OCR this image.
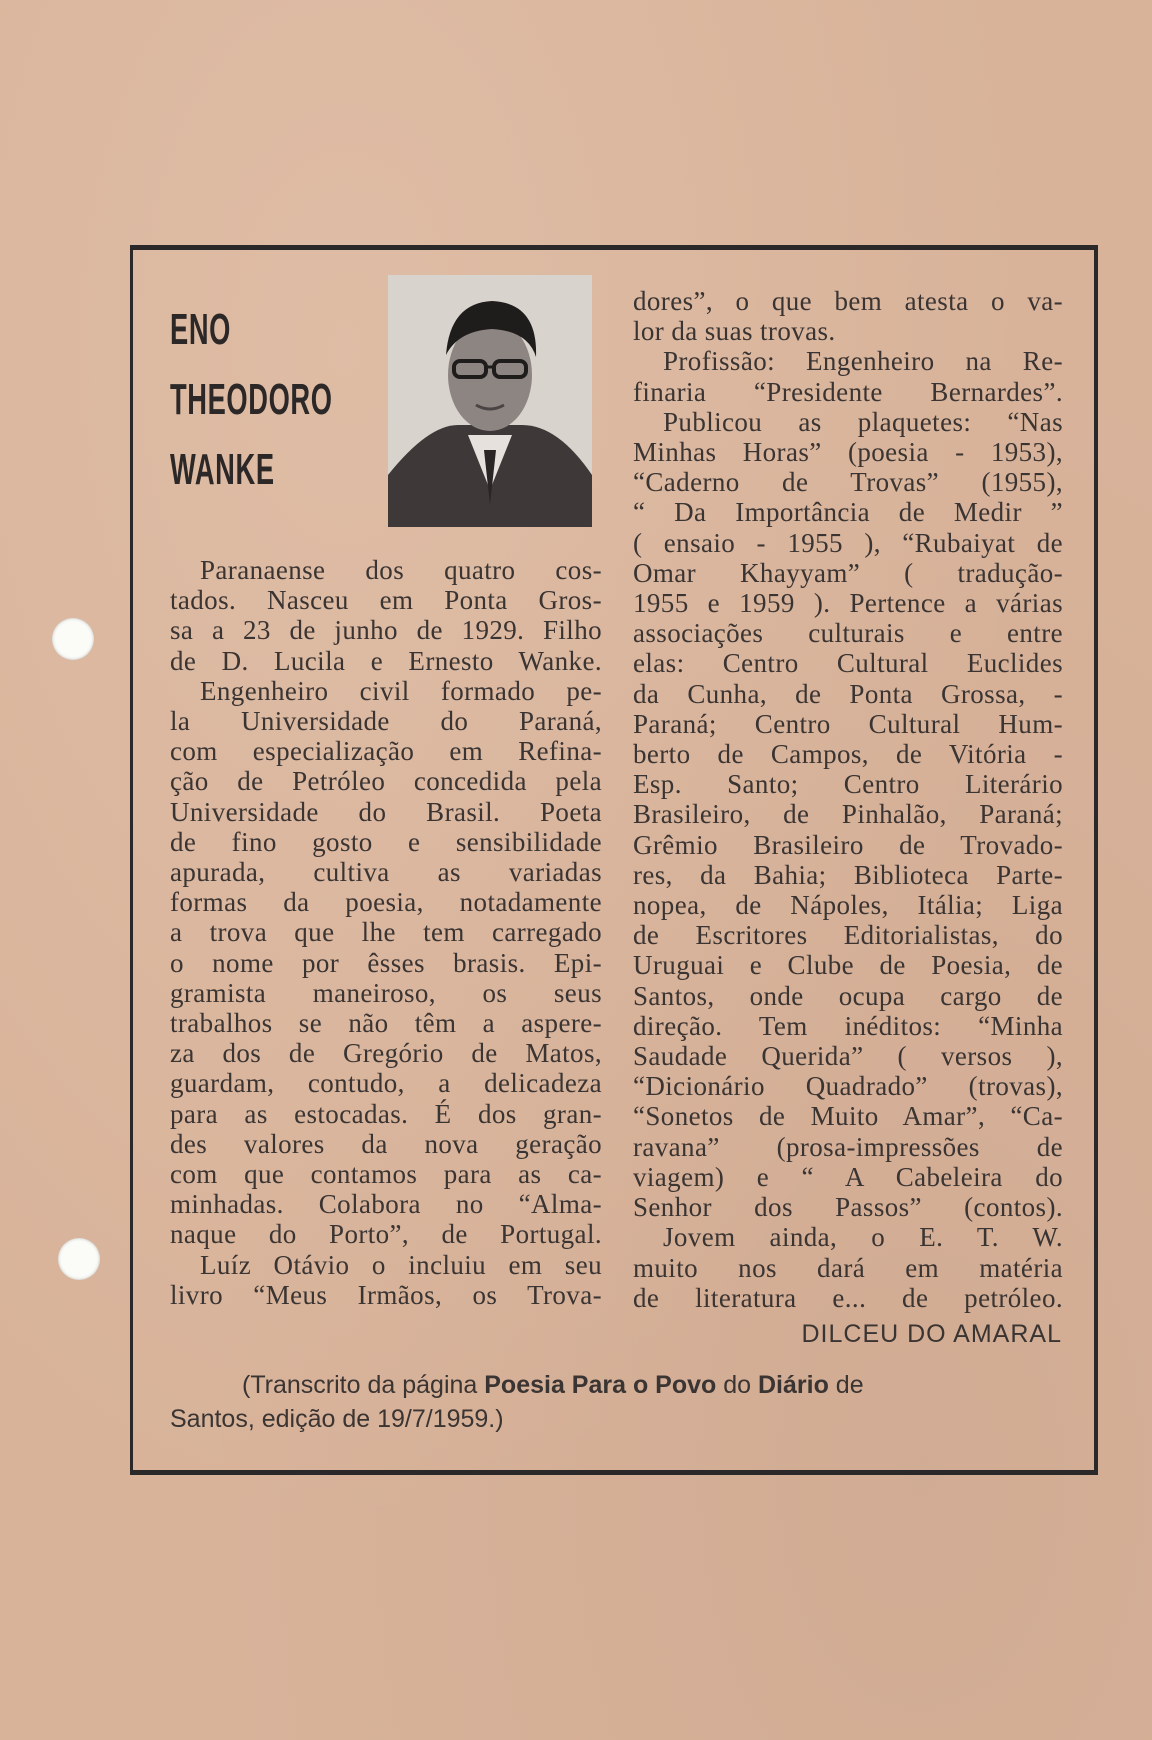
ENO
THEODORO
WANKE
Paranaense dos quatro cos-
tados. Nasceu em Ponta Gros-
sa a 23 de junho de 1929. Filho
de D. Lucila e Ernesto Wanke.
Engenheiro civil formado pe-
la Universidade do Paraná,
com especialização em Refina-
ção de Petróleo concedida pela
Universidade do Brasil. Poeta
de fino gosto e sensibilidade
apurada, cultiva as variadas
formas da poesia, notadamente
a trova que lhe tem carregado
o nome por êsses brasis. Epi-
gramista maneiroso, os seus
trabalhos se não têm a aspere-
za dos de Gregório de Matos,
guardam, contudo, a delicadeza
para as estocadas. É dos gran-
des valores da nova geração
com que contamos para as ca-
minhadas. Colabora no “Alma-
naque do Porto”, de Portugal.
Luíz Otávio o incluiu em seu
livro “Meus Irmãos, os Trova-
dores”, o que bem atesta o va-
lor da suas trovas.
Profissão: Engenheiro na Re-
finaria “Presidente Bernardes”.
Publicou as plaquetes: “Nas
Minhas Horas” (poesia - 1953),
“Caderno de Trovas” (1955),
“ Da Importância de Medir ”
( ensaio - 1955 ), “Rubaiyat de
Omar Khayyam” ( tradução-
1955 e 1959 ). Pertence a várias
associações culturais e entre
elas: Centro Cultural Euclides
da Cunha, de Ponta Grossa, -
Paraná; Centro Cultural Hum-
berto de Campos, de Vitória -
Esp. Santo; Centro Literário
Brasileiro, de Pinhalão, Paraná;
Grêmio Brasileiro de Trovado-
res, da Bahia; Biblioteca Parte-
nopea, de Nápoles, Itália; Liga
de Escritores Editorialistas, do
Uruguai e Clube de Poesia, de
Santos, onde ocupa cargo de
direção. Tem inéditos: “Minha
Saudade Querida” ( versos ),
“Dicionário Quadrado” (trovas),
“Sonetos de Muito Amar”, “Ca-
ravana” (prosa-impressões de
viagem) e “ A Cabeleira do
Senhor dos Passos” (contos).
Jovem ainda, o E. T. W.
muito nos dará em matéria
de literatura e... de petróleo.
DILCEU DO AMARAL
(Transcrito da página Poesia Para o Povo do Diário de
Santos, edição de 19/7/1959.)
